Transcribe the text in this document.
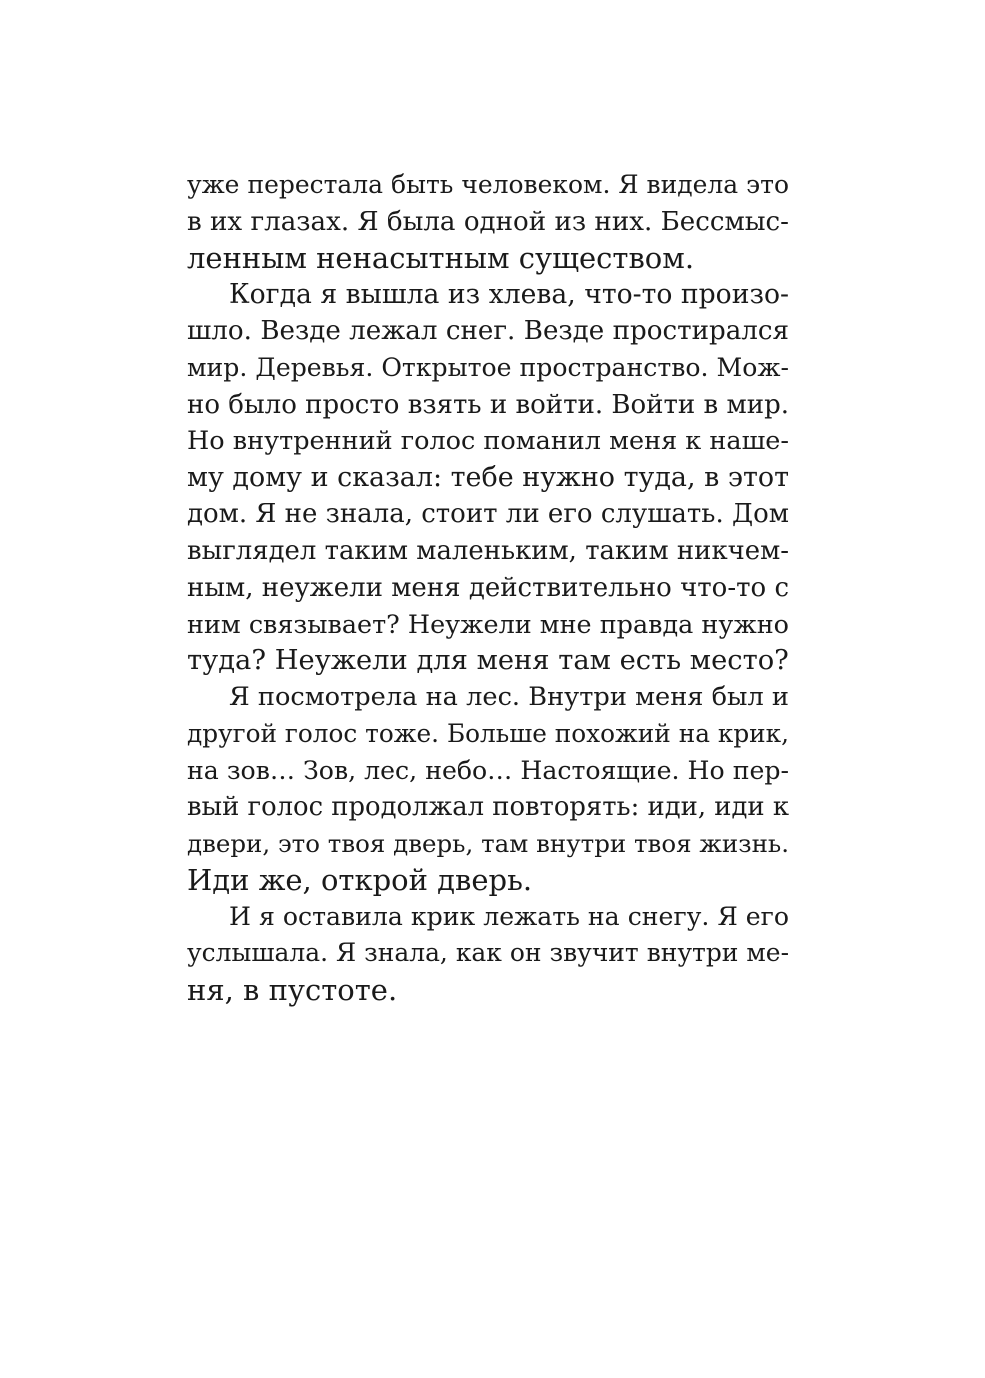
уже перестала быть человеком. Я видела это
в их глазах. Я была одной из них. Бессмыс-
ленным ненасытным существом.
Когда я вышла из хлева, что-то произо-
шло. Везде лежал снег. Везде простирался
мир. Деревья. Открытое пространство. Мож-
но было просто взять и войти. Войти в мир.
Но внутренний голос поманил меня к наше-
му дому и сказал: тебе нужно туда, в этот
дом. Я не знала, стоит ли его слушать. Дом
выглядел таким маленьким, таким никчем-
ным, неужели меня действительно что-то с
ним связывает? Неужели мне правда нужно
туда? Неужели для меня там есть место?
Я посмотрела на лес. Внутри меня был и
другой голос тоже. Больше похожий на крик,
на зов… Зов, лес, небо… Настоящие. Но пер-
вый голос продолжал повторять: иди, иди к
двери, это твоя дверь, там внутри твоя жизнь.
Иди же, открой дверь.
И я оставила крик лежать на снегу. Я его
услышала. Я знала, как он звучит внутри ме-
ня, в пустоте.
